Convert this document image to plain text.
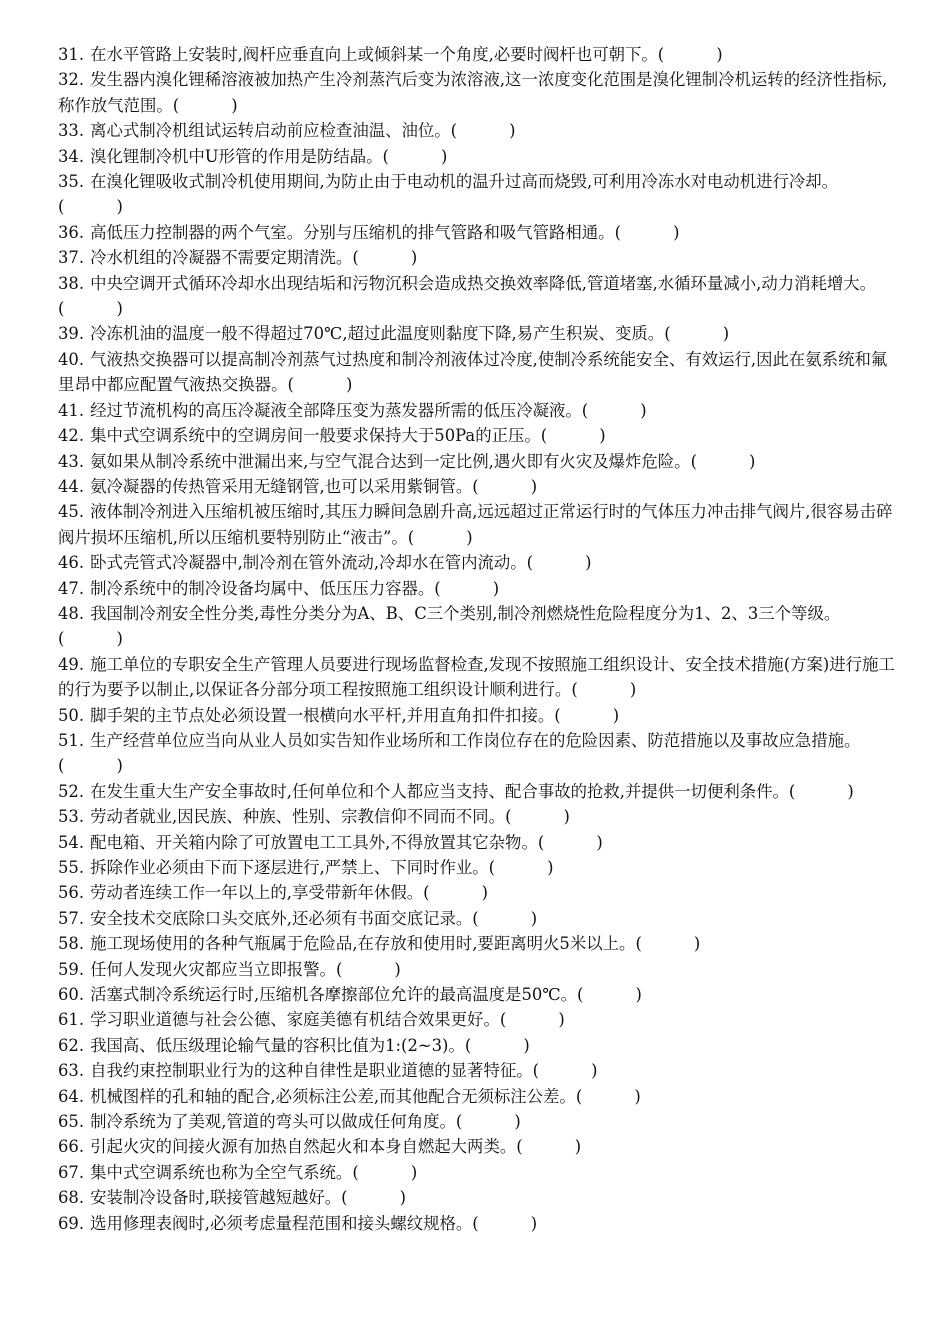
31. 在水平管路上安装时,阀杆应垂直向上或倾斜某一个角度,必要时阀杆也可朝下。(          )

32. 发生器内溴化锂稀溶液被加热产生冷剂蒸汽后变为浓溶液,这一浓度变化范围是溴化锂制冷机运转的经济性指标,称作放气范围。(          )

33. 离心式制冷机组试运转启动前应检查油温、油位。(          )

34. 溴化锂制冷机中U形管的作用是防结晶。(          )

35. 在溴化锂吸收式制冷机使用期间,为防止由于电动机的温升过高而烧毁,可利用冷冻水对电动机进行冷却。(          )

36. 高低压力控制器的两个气室。分别与压缩机的排气管路和吸气管路相通。(          )

37. 冷水机组的冷凝器不需要定期清洗。(          )

38. 中央空调开式循环冷却水出现结垢和污物沉积会造成热交换效率降低,管道堵塞,水循环量减小,动力消耗增大。(          )

39. 冷冻机油的温度一般不得超过70℃,超过此温度则黏度下降,易产生积炭、变质。(          )

40. 气液热交换器可以提高制冷剂蒸气过热度和制冷剂液体过冷度,使制冷系统能安全、有效运行,因此在氨系统和氟里昂中都应配置气液热交换器。(          )

41. 经过节流机构的高压冷凝液全部降压变为蒸发器所需的低压冷凝液。(          )

42. 集中式空调系统中的空调房间一般要求保持大于50Pa的正压。(          )

43. 氨如果从制冷系统中泄漏出来,与空气混合达到一定比例,遇火即有火灾及爆炸危险。(          )

44. 氨冷凝器的传热管采用无缝钢管,也可以采用紫铜管。(          )

45. 液体制冷剂进入压缩机被压缩时,其压力瞬间急剧升高,远远超过正常运行时的气体压力冲击排气阀片,很容易击碎阀片损坏压缩机,所以压缩机要特别防止“液击”。(          )

46. 卧式壳管式冷凝器中,制冷剂在管外流动,冷却水在管内流动。(          )

47. 制冷系统中的制冷设备均属中、低压压力容器。(          )

48. 我国制冷剂安全性分类,毒性分类分为A、B、C三个类别,制冷剂燃烧性危险程度分为1、2、3三个等级。(          )

49. 施工单位的专职安全生产管理人员要进行现场监督检查,发现不按照施工组织设计、安全技术措施(方案)进行施工的行为要予以制止,以保证各分部分项工程按照施工组织设计顺利进行。(          )

50. 脚手架的主节点处必须设置一根横向水平杆,并用直角扣件扣接。(          )

51. 生产经营单位应当向从业人员如实告知作业场所和工作岗位存在的危险因素、防范措施以及事故应急措施。(          )

52. 在发生重大生产安全事故时,任何单位和个人都应当支持、配合事故的抢救,并提供一切便利条件。(          )

53. 劳动者就业,因民族、种族、性别、宗教信仰不同而不同。(          )

54. 配电箱、开关箱内除了可放置电工工具外,不得放置其它杂物。(          )

55. 拆除作业必须由下而下逐层进行,严禁上、下同时作业。(          )

56. 劳动者连续工作一年以上的,享受带新年休假。(          )

57. 安全技术交底除口头交底外,还必须有书面交底记录。(          )

58. 施工现场使用的各种气瓶属于危险品,在存放和使用时,要距离明火5米以上。(          )

59. 任何人发现火灾都应当立即报警。(          )

60. 活塞式制冷系统运行时,压缩机各摩擦部位允许的最高温度是50℃。(          )

61. 学习职业道德与社会公德、家庭美德有机结合效果更好。(          )

62. 我国高、低压级理论输气量的容积比值为1:(2~3)。(          )

63. 自我约束控制职业行为的这种自律性是职业道德的显著特征。(          )

64. 机械图样的孔和轴的配合,必须标注公差,而其他配合无须标注公差。(          )

65. 制冷系统为了美观,管道的弯头可以做成任何角度。(          )

66. 引起火灾的间接火源有加热自然起火和本身自燃起大两类。(          )

67. 集中式空调系统也称为全空气系统。(          )

68. 安装制冷设备时,联接管越短越好。(          )

69. 选用修理表阀时,必须考虑量程范围和接头螺纹规格。(          )
